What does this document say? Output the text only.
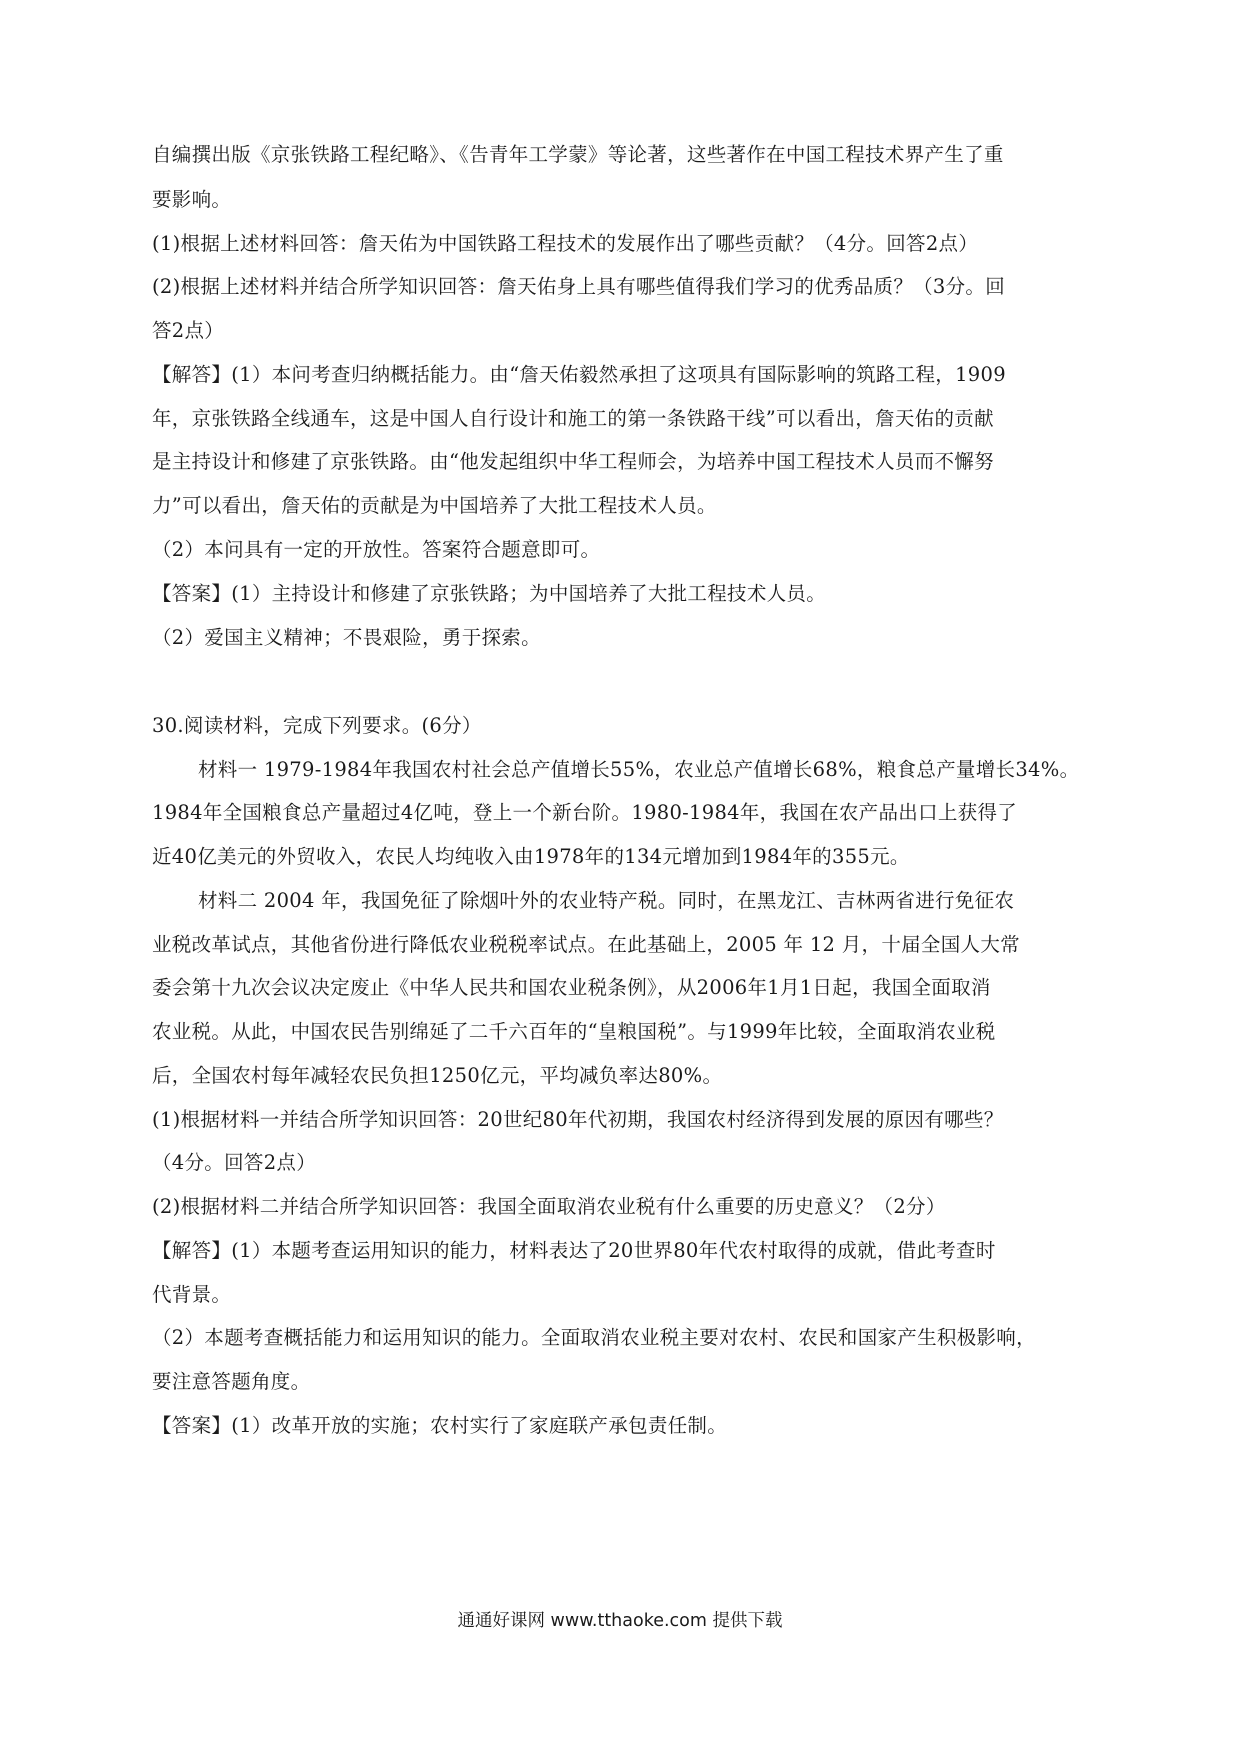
自编撰出版《京张铁路工程纪略》、《告青年工学蒙》等论著，这些著作在中国工程技术界产生了重
要影响。
(1)根据上述材料回答：詹天佑为中国铁路工程技术的发展作出了哪些贡献？（4分。回答2点）
(2)根据上述材料并结合所学知识回答：詹天佑身上具有哪些值得我们学习的优秀品质？（3分。回
答2点）
【解答】(1）本问考查归纳概括能力。由“詹天佑毅然承担了这项具有国际影响的筑路工程，1909
年，京张铁路全线通车，这是中国人自行设计和施工的第一条铁路干线”可以看出，詹天佑的贡献
是主持设计和修建了京张铁路。由“他发起组织中华工程师会，为培养中国工程技术人员而不懈努
力”可以看出，詹天佑的贡献是为中国培养了大批工程技术人员。
（2）本问具有一定的开放性。答案符合题意即可。
【答案】(1）主持设计和修建了京张铁路；为中国培养了大批工程技术人员。
（2）爱国主义精神；不畏艰险，勇于探索。
30.阅读材料，完成下列要求。(6分）
材料一 1979-1984年我国农村社会总产值增长55%，农业总产值增长68%，粮食总产量增长34%。
1984年全国粮食总产量超过4亿吨，登上一个新台阶。1980-1984年，我国在农产品出口上获得了
近40亿美元的外贸收入，农民人均纯收入由1978年的134元增加到1984年的355元。
材料二 2004 年，我国免征了除烟叶外的农业特产税。同时，在黑龙江、吉林两省进行免征农
业税改革试点，其他省份进行降低农业税税率试点。在此基础上，2005 年 12 月，十届全国人大常
委会第十九次会议决定废止《中华人民共和国农业税条例》，从2006年1月1日起，我国全面取消
农业税。从此，中国农民告别绵延了二千六百年的“皇粮国税”。与1999年比较，全面取消农业税
后，全国农村每年减轻农民负担1250亿元，平均减负率达80%。
(1)根据材料一并结合所学知识回答：20世纪80年代初期，我国农村经济得到发展的原因有哪些？
（4分。回答2点）
(2)根据材料二并结合所学知识回答：我国全面取消农业税有什么重要的历史意义？（2分）
【解答】(1）本题考查运用知识的能力，材料表达了20世界80年代农村取得的成就，借此考查时
代背景。
（2）本题考查概括能力和运用知识的能力。全面取消农业税主要对农村、农民和国家产生积极影响，
要注意答题角度。
【答案】(1）改革开放的实施；农村实行了家庭联产承包责任制。
通通好课网 www.tthaoke.com 提供下载
